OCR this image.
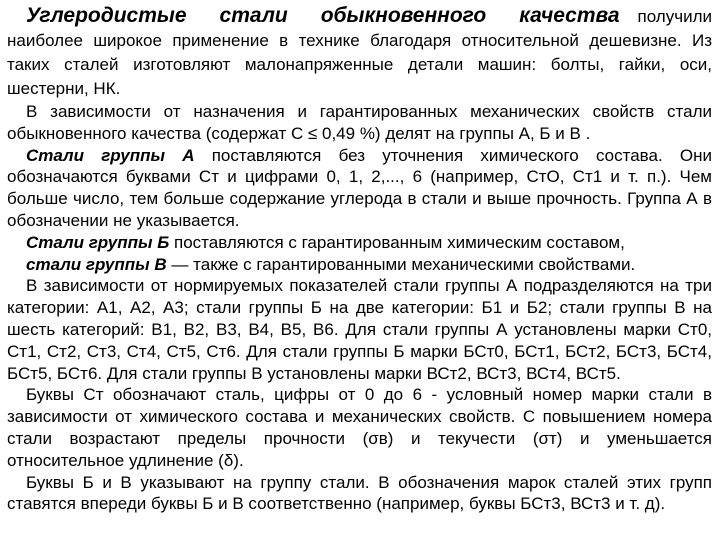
Углеродистые стали обыкновенного качества получили наиболее широкое применение в технике благодаря относительной дешевизне. Из таких сталей изготовляют малонапряженные детали машин: болты, гайки, оси, шестерни, НК.

В зависимости от назначения и гарантированных механических свойств стали обыкновенного качества (содержат С ≤ 0,49 %) делят на группы А, Б и В .

Стали группы А поставляются без уточнения химического состава. Они обозначаются буквами Ст и цифрами 0, 1, 2,..., 6 (например, СтО, Ст1 и т. п.). Чем больше число, тем больше содержание углерода в стали и выше прочность. Группа А в обозначении не указывается.

Стали группы Б поставляются с гарантированным химическим составом,

стали группы В — также с гарантированными механическими свойствами.

В зависимости от нормируемых показателей стали группы А подразделяются на три категории: А1, А2, A3; стали группы Б на две категории: Б1 и Б2; стали группы В на шесть категорий: В1, В2, В3, В4, В5, В6. Для стали группы А установлены марки Ст0, Ст1, Ст2, Ст3, Ст4, Ст5, Ст6. Для стали группы Б марки БСт0, БСт1, БСт2, БСт3, БСт4, БСт5, БСт6. Для стали группы В установлены марки ВСт2, ВСт3, ВСт4, ВСт5.

Буквы Ст обозначают сталь, цифры от 0 до 6 - условный номер марки стали в зависимости от химического состава и механических свойств. С повышением номера стали возрастают пределы прочности (σв) и текучести (σт) и уменьшается относительное удлинение (δ).

Буквы Б и В указывают на группу стали. В обозначения марок сталей этих групп ставятся впереди буквы Б и В соответственно (например, буквы БСт3, ВСт3 и т. д).
